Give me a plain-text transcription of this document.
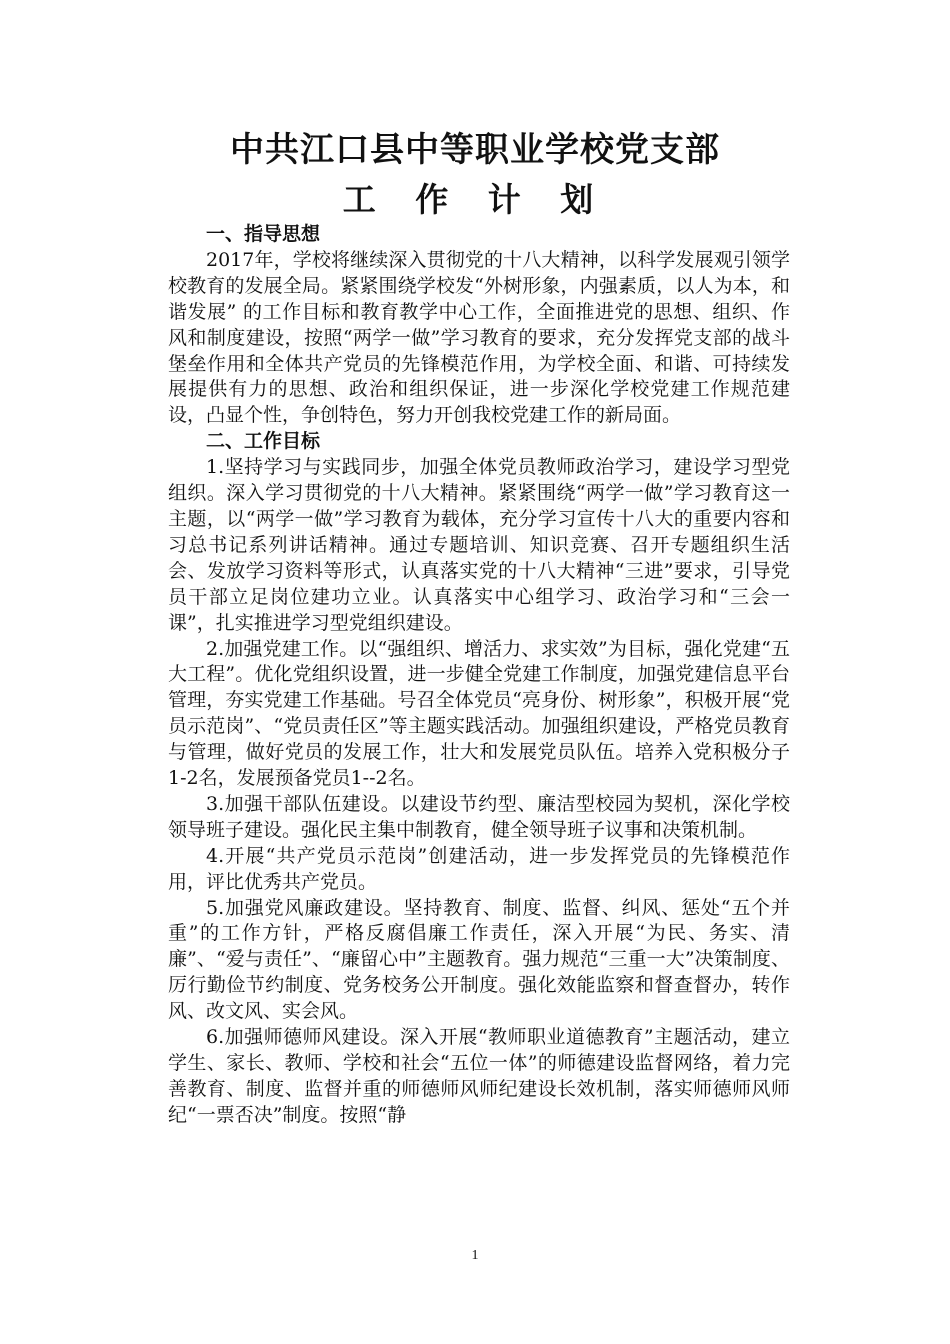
中共江口县中等职业学校党支部
工 作 计 划
一、指导思想

2017年，学校将继续深入贯彻党的十八大精神，以科学发展观引领学校教育的发展全局。紧紧围绕学校发“外树形象，内强素质，以人为本，和谐发展” 的工作目标和教育教学中心工作，全面推进党的思想、组织、作风和制度建设，按照“两学一做”学习教育的要求，充分发挥党支部的战斗堡垒作用和全体共产党员的先锋模范作用，为学校全面、和谐、可持续发展提供有力的思想、政治和组织保证，进一步深化学校党建工作规范建设，凸显个性，争创特色，努力开创我校党建工作的新局面。

二、工作目标

1.坚持学习与实践同步，加强全体党员教师政治学习，建设学习型党组织。深入学习贯彻党的十八大精神。紧紧围绕“两学一做”学习教育这一主题，以“两学一做”学习教育为载体，充分学习宣传十八大的重要内容和习总书记系列讲话精神。通过专题培训、知识竞赛、召开专题组织生活会、发放学习资料等形式，认真落实党的十八大精神“三进”要求，引导党员干部立足岗位建功立业。认真落实中心组学习、政治学习和“三会一课”，扎实推进学习型党组织建设。

2.加强党建工作。以“强组织、增活力、求实效”为目标，强化党建“五大工程”。优化党组织设置，进一步健全党建工作制度，加强党建信息平台管理，夯实党建工作基础。号召全体党员“亮身份、树形象”，积极开展“党员示范岗”、“党员责任区”等主题实践活动。加强组织建设，严格党员教育与管理，做好党员的发展工作，壮大和发展党员队伍。培养入党积极分子1-2名，发展预备党员1--2名。

3.加强干部队伍建设。以建设节约型、廉洁型校园为契机，深化学校领导班子建设。强化民主集中制教育，健全领导班子议事和决策机制。

4.开展“共产党员示范岗”创建活动，进一步发挥党员的先锋模范作用，评比优秀共产党员。

5.加强党风廉政建设。坚持教育、制度、监督、纠风、惩处“五个并重”的工作方针，严格反腐倡廉工作责任，深入开展“为民、务实、清廉”、“爱与责任”、“廉留心中”主题教育。强力规范“三重一大”决策制度、厉行勤俭节约制度、党务校务公开制度。强化效能监察和督查督办，转作风、改文风、实会风。

6.加强师德师风建设。深入开展“教师职业道德教育”主题活动，建立学生、家长、教师、学校和社会“五位一体”的师德建设监督网络，着力完善教育、制度、监督并重的师德师风师纪建设长效机制，落实师德师风师纪“一票否决”制度。按照“静

1
